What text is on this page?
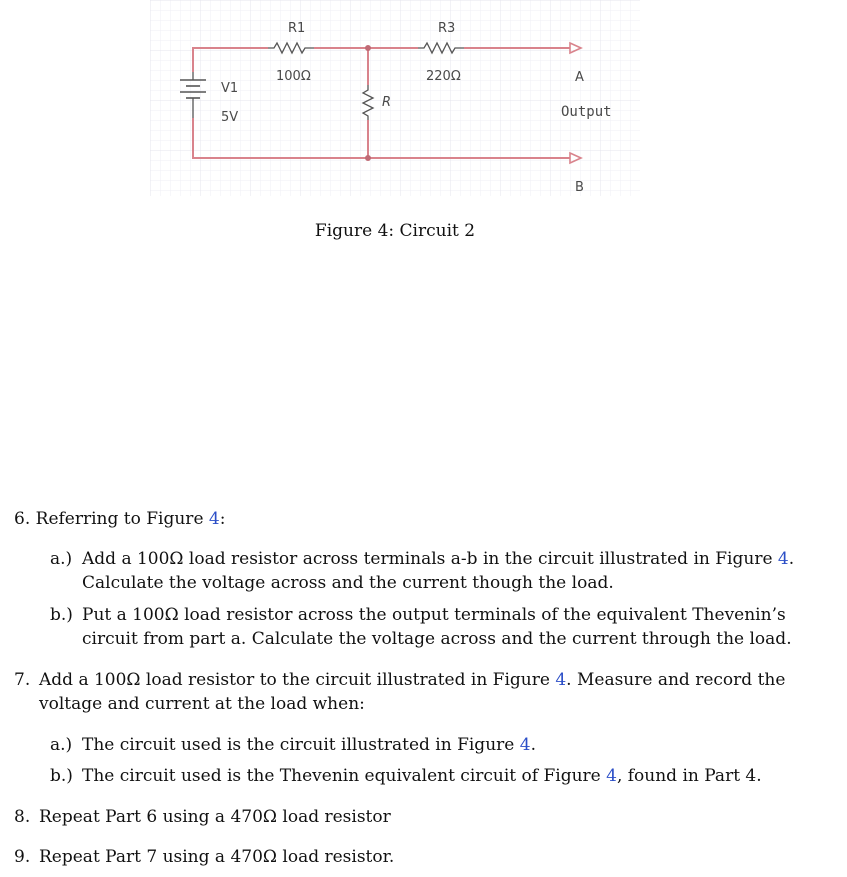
R1
100Ω
R3
220Ω
R
V1
5V
A
Output
B
Figure 4: Circuit 2

6. Referring to Figure 4:

a.) Add a 100Ω load resistor across terminals a-b in the circuit illustrated in Figure 4.
Calculate the voltage across and the current though the load.
b.) Put a 100Ω load resistor across the output terminals of the equivalent Thevenin’s
circuit from part a. Calculate the voltage across and the current through the load.
7. Add a 100Ω load resistor to the circuit illustrated in Figure 4. Measure and record the
voltage and current at the load when:
a.) The circuit used is the circuit illustrated in Figure 4.
b.) The circuit used is the Thevenin equivalent circuit of Figure 4, found in Part 4.
8. Repeat Part 6 using a 470Ω load resistor
9. Repeat Part 7 using a 470Ω load resistor.
